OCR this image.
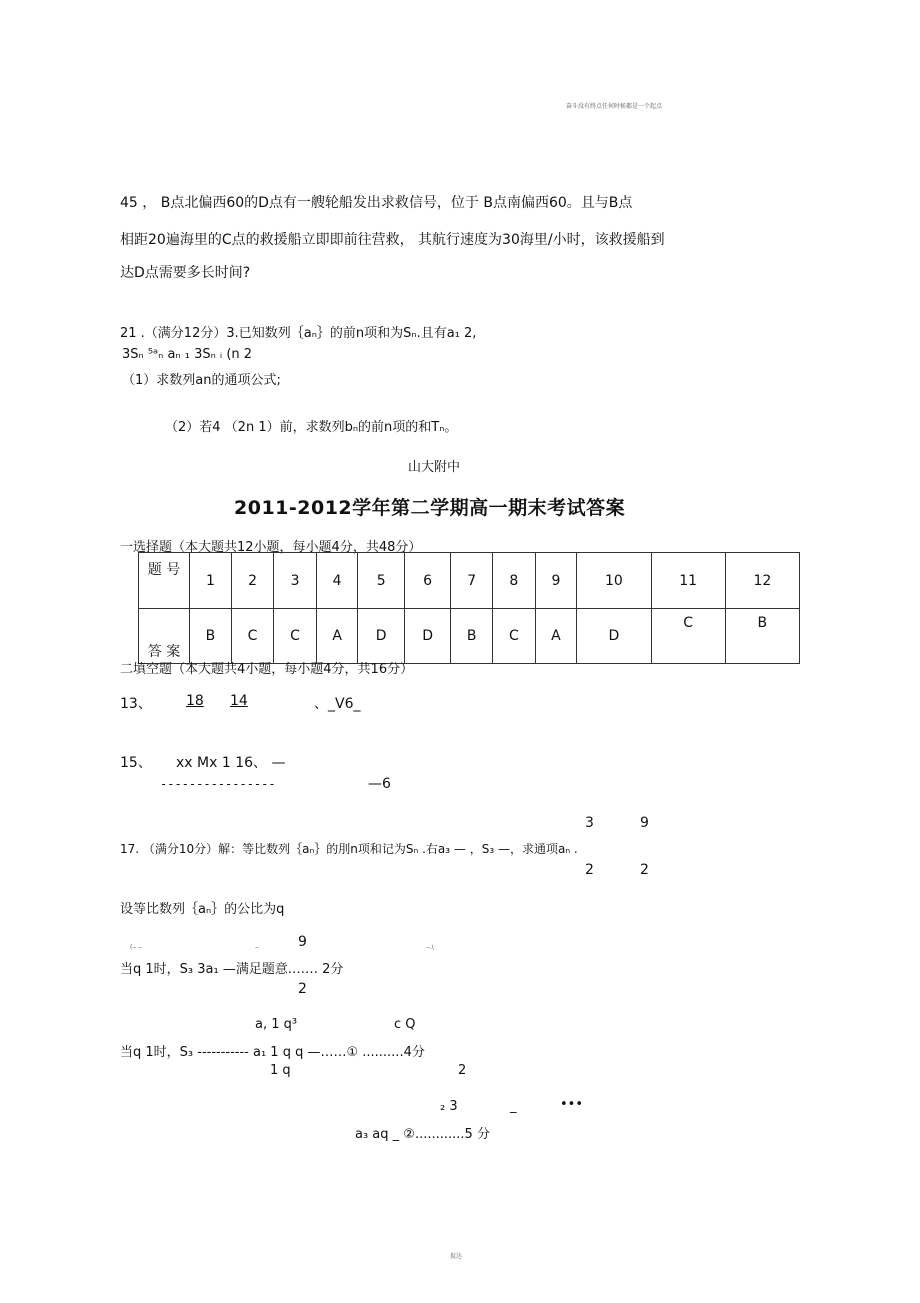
奋斗没有终点任何时候都是一个起点
45 ， B点北偏西60的D点有一艘轮船发出求救信号，位于 B点南偏西60。且与B点
相距20遍海里的C点的救援船立即即前往营救， 其航行速度为30海里/小时，该救援船到
达D点需要多长时间?
21 .（满分12分）3.已知数列｛aₙ｝的前n项和为Sₙ.且有a₁ 2,
3Sₙ ⁵ᵃₙ aₙ ₁ 3Sₙ ᵢ (n 2
（1）求数列an的通项公式;
（2）若4 （2n 1）前，求数列bₙ的前n项的和Tₙ。
山大附中
2011-2012学年第二学期高一期末考试答案
一选择题（本大题共12小题，每小题4分，共48分）
题 号	1	2	3	4	5	6	7	8	9	10	11	12
答 案	B	C	C	A	D	D	B	C	A	D	C	B
二填空题（本大题共4小题，每小题4分，共16分）
13、 18	14	、_V6_
15、 xx Mx 1 16、 —
----------------	—6
3	9
17. （满分10分）解：等比数列｛aₙ｝的刖n项和记为Sₙ .右a₃ — ，S₃ —，求通项aₙ .
2	2
设等比数列｛aₙ｝的公比为q
(‒ ‒	‒	‒.\
9
当q 1时，S₃ 3a₁ —满足题意.…… 2分
2
a, 1 q³	c Q
当q 1时，S₃ ----------- a₁ 1 q q —……① ..........4分
1 q	2
₂ 3	_	•••
a₃ aq _ ②............5 分
侃达
